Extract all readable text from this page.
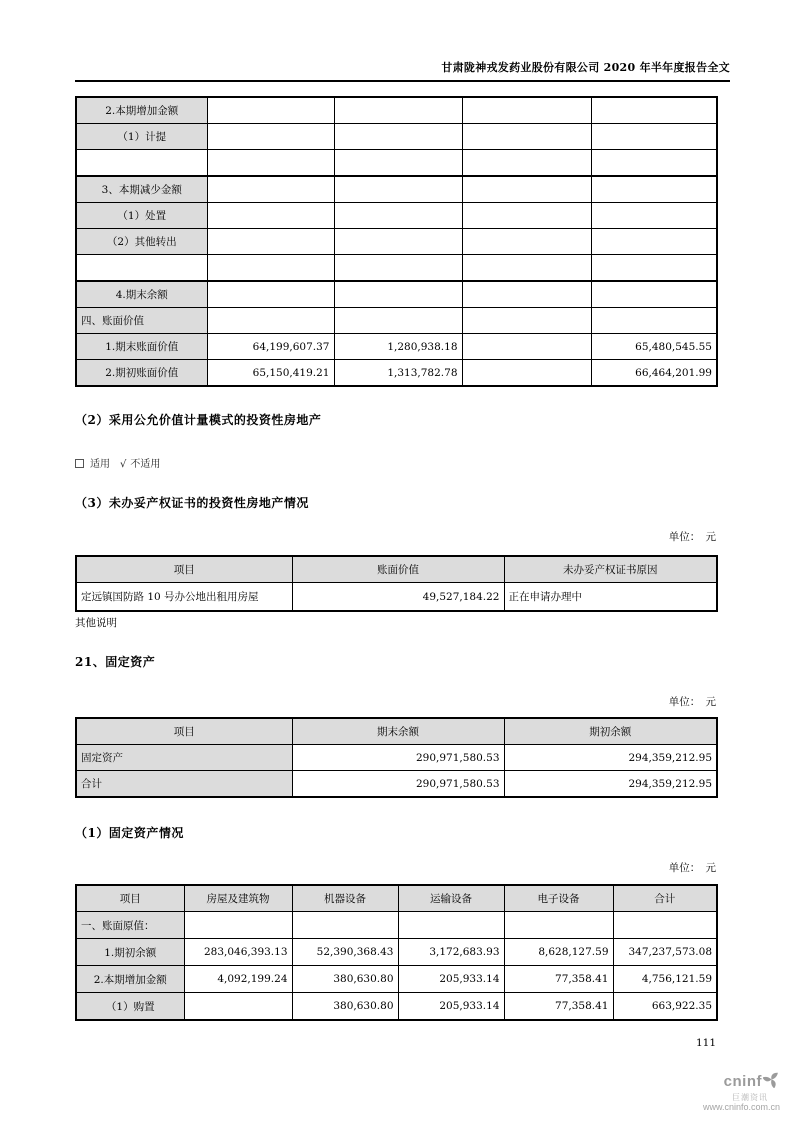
甘肃陇神戎发药业股份有限公司 2020 年半年度报告全文
2.本期增加金额				
（1）计提				

3、本期减少金额				
（1）处置				
（2）其他转出				

4.期末余额				
四、账面价值				
1.期末账面价值	64,199,607.37	1,280,938.18		65,480,545.55
2.期初账面价值	65,150,419.21	1,313,782.78		66,464,201.99
（2）采用公允价值计量模式的投资性房地产
适用 √ 不适用
（3）未办妥产权证书的投资性房地产情况
单位：　元
项目	账面价值	未办妥产权证书原因
定远镇国防路 10 号办公地出租用房屋	49,527,184.22	正在申请办理中
其他说明
21、固定资产
单位：　元
项目	期末余额	期初余额
固定资产	290,971,580.53	294,359,212.95
合计	290,971,580.53	294,359,212.95
（1）固定资产情况
单位：　元
项目	房屋及建筑物	机器设备	运输设备	电子设备	合计
一、账面原值：					
1.期初余额	283,046,393.13	52,390,368.43	3,172,683.93	8,628,127.59	347,237,573.08
2.本期增加金额	4,092,199.24	380,630.80	205,933.14	77,358.41	4,756,121.59
（1）购置		380,630.80	205,933.14	77,358.41	663,922.35
111
cninf
巨潮资讯
www.cninfo.com.cn
